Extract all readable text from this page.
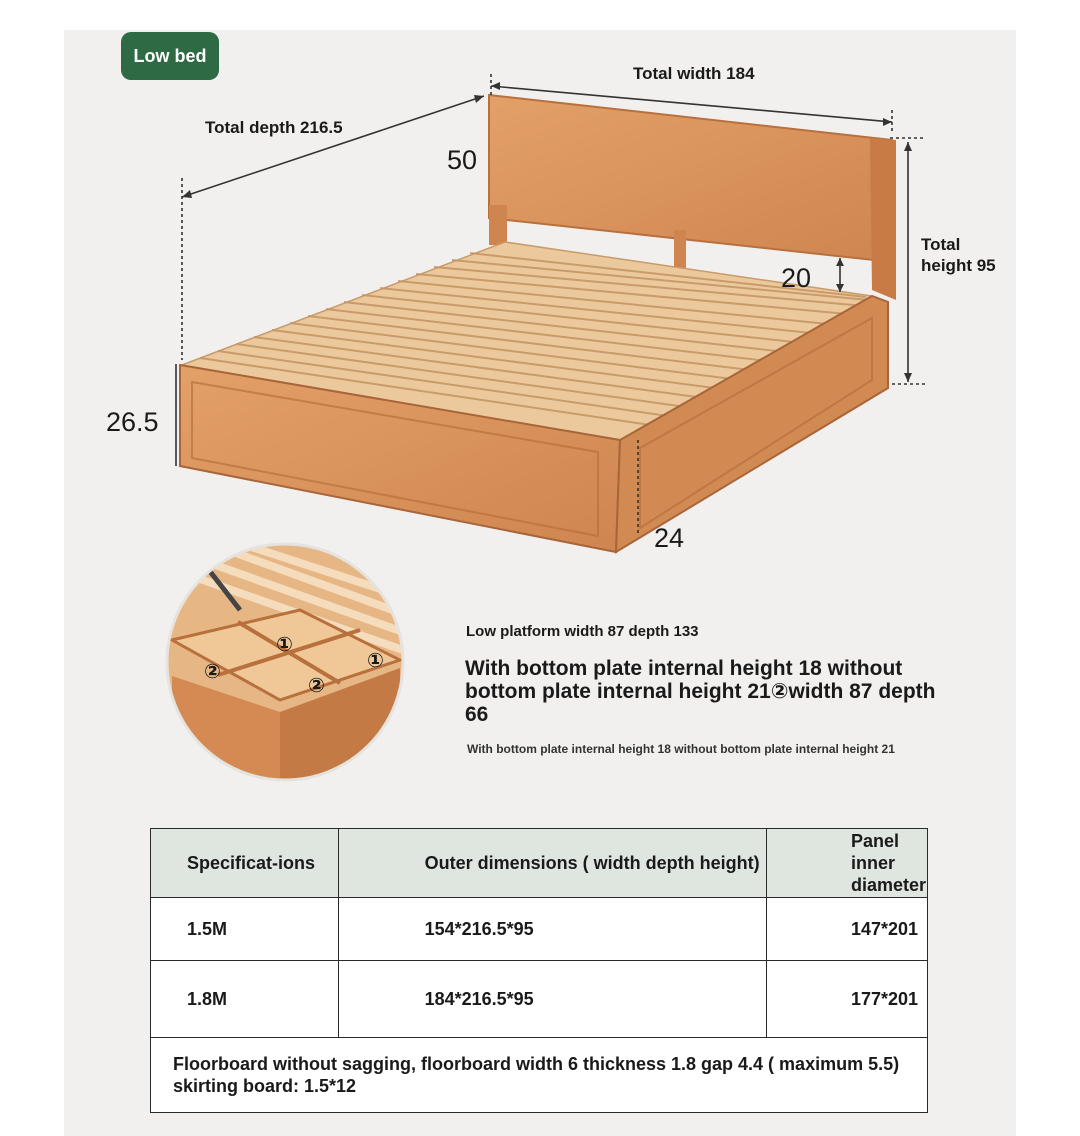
Low bed
Total width 184
Total depth 216.5
50
Total
height 95
20
26.5
24
①
①
②
②
Low platform width 87 depth 133
With bottom plate internal height 18 without bottom plate internal height 21②width 87 depth 66
With bottom plate internal height 18 without bottom plate internal height 21
Specificat-ions	Outer dimensions ( width depth height)	Panel inner diameter
1.5M	154*216.5*95	147*201
1.8M	184*216.5*95	177*201
Floorboard without sagging, floorboard width 6 thickness 1.8 gap 4.4 ( maximum 5.5) skirting board: 1.5*12		
